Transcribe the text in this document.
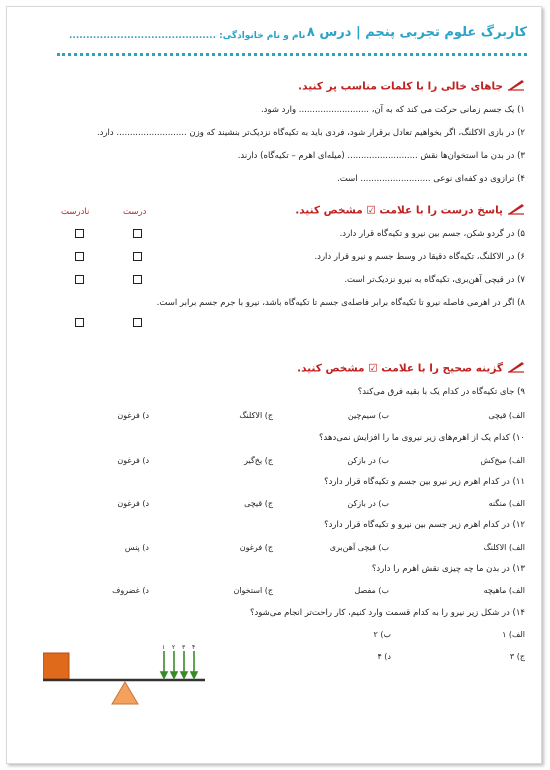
کاربرگ علوم تجربی پنجم | درس ۸
نام و نام خانوادگی: ...........................................
جاهای خالی را با کلمات مناسب پر کنید.
۱) یک جسم زمانی حرکت می کند که به آن، .......................... وارد شود.
۲) در بازی الاکلنگ، اگر بخواهیم تعادل برقرار شود، فردی باید به تکیه‌گاه نزدیک‌تر بنشیند که وزن .......................... دارد.
۳) در بدن ما استخوان‌ها نقش .......................... (میله‌ای اهرم – تکیه‌گاه) دارند.
۴) ترازوی دو کفه‌ای نوعی .......................... است.
پاسخ درست را با علامت ☑ مشخص کنید.
درست
نادرست
۵) در گردو شکن، جسم بین نیرو و تکیه‌گاه قرار دارد.
۶) در الاکلنگ، تکیه‌گاه دقیقا در وسط جسم و نیرو قرار دارد.
۷) در قیچی آهن‌بری، تکیه‌گاه به نیرو نزدیک‌تر است.
۸) اگر در اهرمی فاصله نیرو تا تکیه‌گاه برابر فاصله‌ی جسم تا تکیه‌گاه باشد، نیرو با جرم جسم برابر است.
گزینه صحیح را با علامت ☑ مشخص کنید.
۹) جای تکیه‌گاه در کدام یک با بقیه فرق می‌کند؟
الف) قیچی
ب) سیم‌چین
ج) الاکلنگ
د) فرغون
۱۰) کدام یک از اهرم‌های زیر نیروی ما را افزایش نمی‌دهد؟
الف) میخ‌کش
ب) در بازکن
ج) یخ‌گیر
د) فرغون
۱۱) در کدام اهرم زیر نیرو بین جسم و تکیه‌گاه قرار دارد؟
الف) منگنه
ب) در بازکن
ج) قیچی
د) فرغون
۱۲) در کدام اهرم زیر جسم بین نیرو و تکیه‌گاه قرار دارد؟
الف) الاکلنگ
ب) قیچی آهن‌بری
ج) فرغون
د) پنس
۱۳) در بدن ما چه چیزی نقش اهرم را دارد؟
الف) ماهیچه
ب) مفصل
ج) استخوان
د) غضروف
۱۴) در شکل زیر نیرو را به کدام قسمت وارد کنیم، کار راحت‌تر انجام می‌شود؟
الف) ۱
ب) ۲
ج) ۳
د) ۴
۱ ۲ ۳ ۴
